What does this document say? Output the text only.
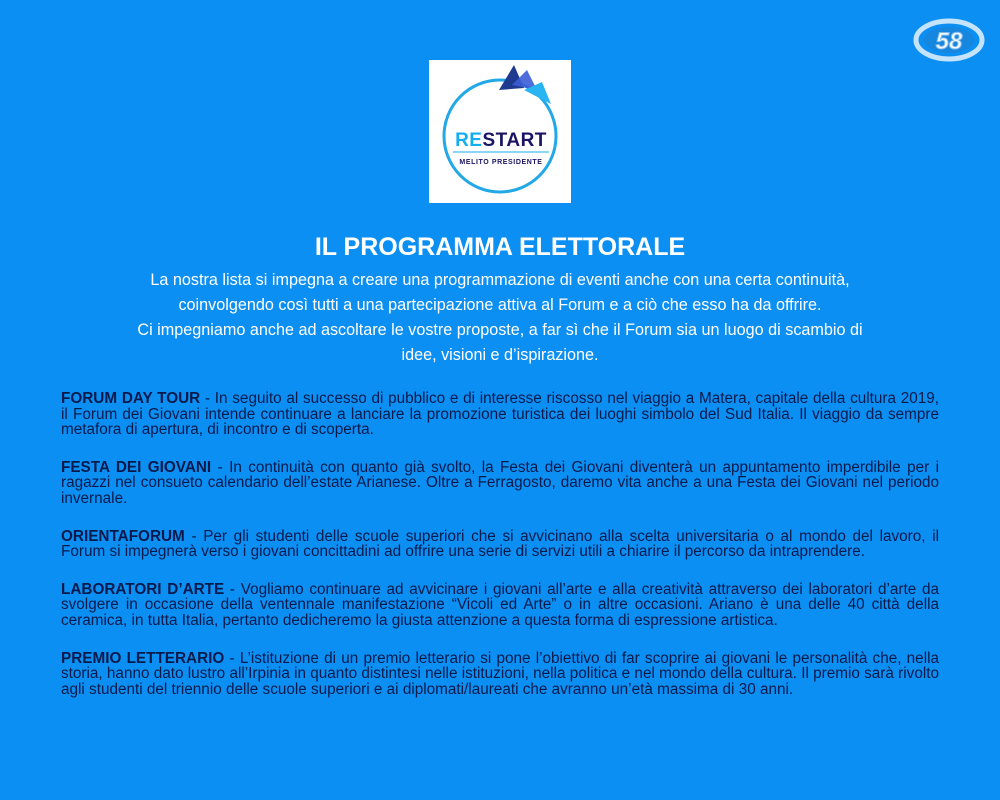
58
RESTART
MELITO PRESIDENTE
IL PROGRAMMA ELETTORALE

La nostra lista si impegna a creare una programmazione di eventi anche con una certa continuità,

coinvolgendo così tutti a una partecipazione attiva al Forum e a ciò che esso ha da offrire.

Ci impegniamo anche ad ascoltare le vostre proposte, a far sì che il Forum sia un luogo di scambio di

idee, visioni e d’ispirazione.

FORUM DAY TOUR - In seguito al successo di pubblico e di interesse riscosso nel viaggio a Matera, capitale della cultura 2019, il Forum dei Giovani intende continuare a lanciare la promozione turistica dei luoghi simbolo del Sud Italia. Il viaggio da sempre metafora di apertura, di incontro e di scoperta.

FESTA DEI GIOVANI - In continuità con quanto già svolto, la Festa dei Giovani diventerà un appuntamento imperdibile per i ragazzi nel consueto calendario dell’estate Arianese. Oltre a Ferragosto, daremo vita anche a una Festa dei Giovani nel periodo invernale.

ORIENTAFORUM - Per gli studenti delle scuole superiori che si avvicinano alla scelta universitaria o al mondo del lavoro, il Forum si impegnerà verso i giovani concittadini ad offrire una serie di servizi utili a chiarire il percorso da intraprendere.

LABORATORI D’ARTE - Vogliamo continuare ad avvicinare i giovani all’arte e alla creatività attraverso dei laboratori d’arte da svolgere in occasione della ventennale manifestazione “Vicoli ed Arte” o in altre occasioni. Ariano è una delle 40 città della ceramica, in tutta Italia, pertanto dedicheremo la giusta attenzione a questa forma di espressione artistica.

PREMIO LETTERARIO - L’istituzione di un premio letterario si pone l’obiettivo di far scoprire ai giovani le personalità che, nella storia, hanno dato lustro all’Irpinia in quanto distintesi nelle istituzioni, nella politica e nel mondo della cultura. Il premio sarà rivolto agli studenti del triennio delle scuole superiori e ai diplomati/laureati che avranno un’età massima di 30 anni.
